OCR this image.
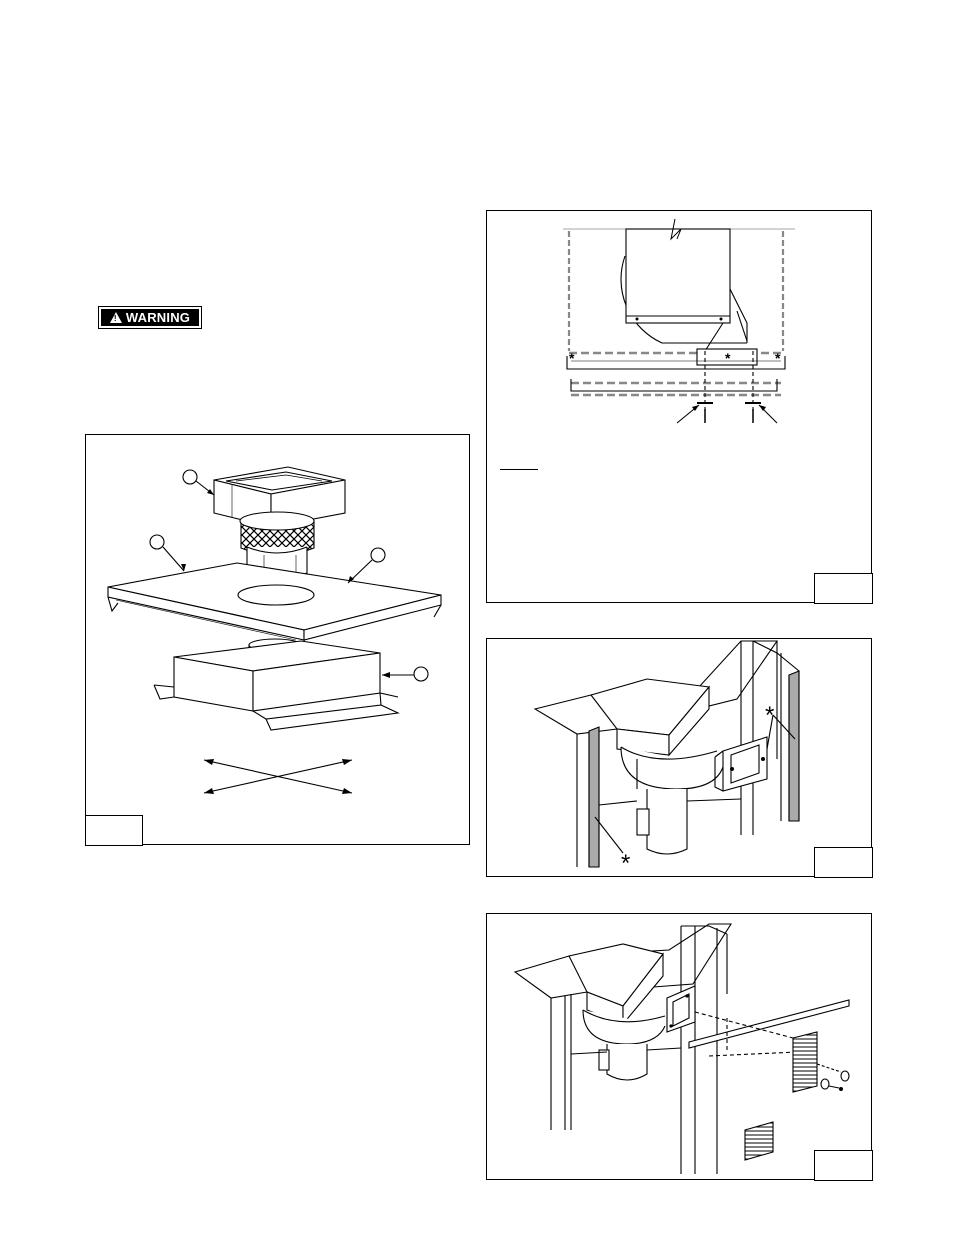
! WARNING
*	*
*
*
*
